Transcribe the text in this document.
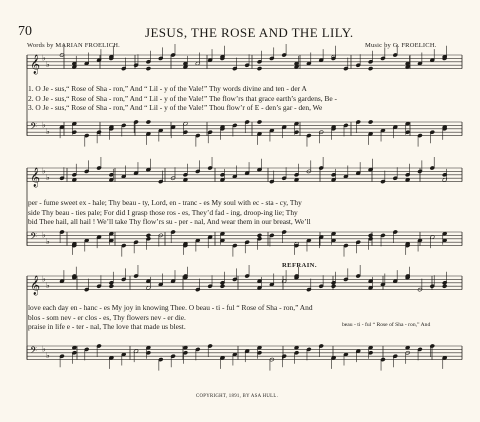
𝄞 ♭
♭
𝄢 ♭
♭
𝄞 ♭
♭
𝄢 ♭
♭
𝄞 ♭
♭
𝄢 ♭
♭
70	JESUS, THE ROSE AND THE LILY.
Words by MARIAN FROELICH.	Music by G. FROELICH.
1. O Je - sus,“ Rose of Sha - ron,” And “ Lil - y of the Vale!” Thy words divine and ten - der A
2. O Je - sus,“ Rose of Sha - ron,” And “ Lil - y of the Vale!” The flow’rs that grace earth’s gardens, Be -
3. O Je - sus,“ Rose of Sha - ron,” And “ Lil - y of the Vale!” Thou flow’r of E - den’s gar - den, We
per - fume sweet ex - hale; Thy beau - ty, Lord, en - tranc - es My soul with ec - sta - cy, Thy
side Thy beau - ties pale; For did I grasp those ros - es, They’d fad - ing, droop-ing lie; Thy
bid Thee hail, all hail ! We’ll take Thy flow’rs su - per - nal, And wear them in our breast, We’ll
REFRAIN.
love each day en - hanc - es My joy in knowing Thee. O beau - ti - ful “ Rose of Sha - ron,” And
blos - som nev - er clos - es, Thy flowers nev - er die.
praise in life e - ter - nal, The love that made us blest.	beau - ti - ful “ Rose of Sha - ron,” And
COPYRIGHT, 1891, BY ASA HULL.
